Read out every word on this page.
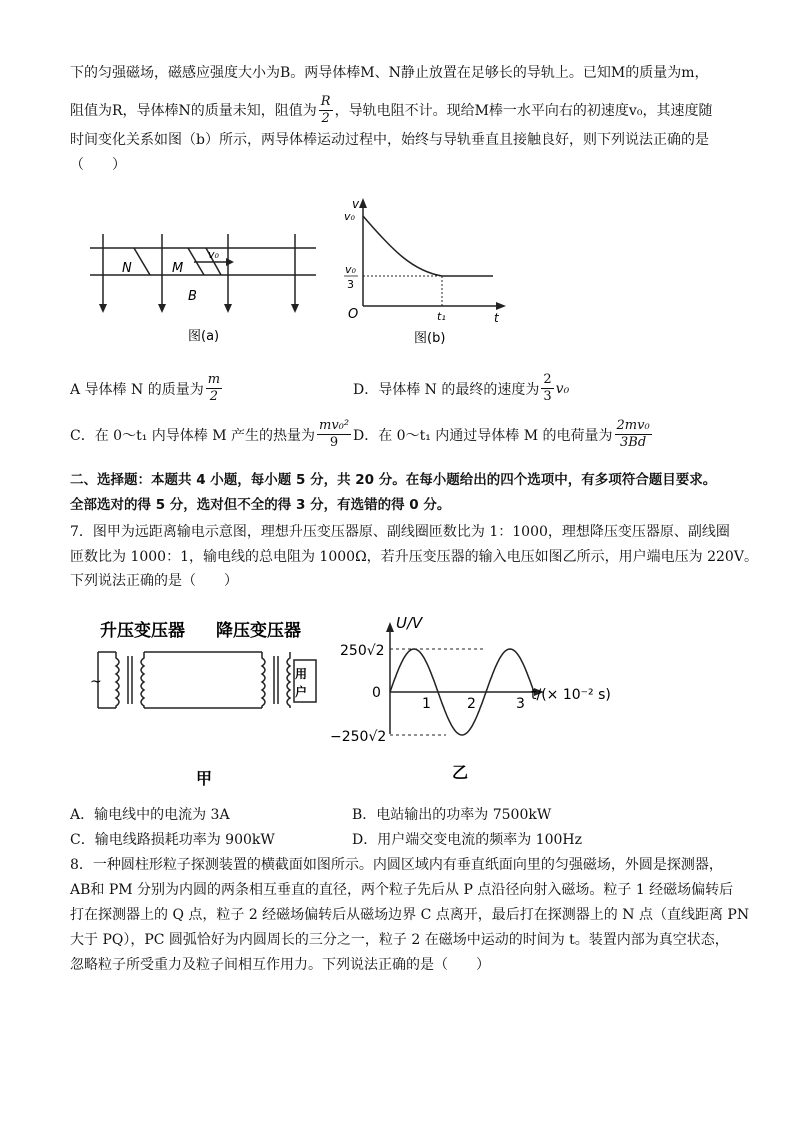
下的匀强磁场，磁感应强度大小为B。两导体棒M、N静止放置在足够长的导轨上。已知M的质量为m，
阻值为R，导体棒N的质量未知，阻值为 $\frac{R}{2}$ ，导轨电阻不计。现给M棒一水平向右的初速度v₀，其速度随
时间变化关系如图（b）所示，两导体棒运动过程中，始终与导轨垂直且接触良好，则下列说法正确的是
（　　）
N	M
v₀
B
图(a)
v
v₀
v₀
3
O	t₁	t
图(b)
A 导体棒 N 的质量为 $\frac{m}{2}$	D．导体棒 N 的最终的速度为 $\frac{2}{3} v_0$
C．在 0～t₁ 内导体棒 M 产生的热量为 $\frac{\text{mv₀²}}{9}$ D．在 0～t₁ 内通过导体棒 M 的电荷量为 $\frac{\text{2mv₀}}{3Bd}$
二、选择题：本题共 4 小题，每小题 5 分，共 20 分。在每小题给出的四个选项中，有多项符合题目要求。
全部选对的得 5 分，选对但不全的得 3 分，有选错的得 0 分。
7．图甲为远距离输电示意图，理想升压变压器原、副线圈匝数比为 1：1000，理想降压变压器原、副线圈
匝数比为 1000：1，输电线的总电阻为 1000Ω，若升压变压器的输入电压如图乙所示，用户端电压为 220V。
下列说法正确的是（　　）
升压变压器 降压变压器
~	用
户
甲
U/V
250√2
−250√2
0
1	2	3
t/(× 10⁻² s)
乙
A．输电线中的电流为 3A	B．电站输出的功率为 7500kW
C．输电线路损耗功率为 900kW	D．用户端交变电流的频率为 100Hz
8．一种圆柱形粒子探测装置的横截面如图所示。内圆区域内有垂直纸面向里的匀强磁场，外圆是探测器，
AB和 PM 分别为内圆的两条相互垂直的直径，两个粒子先后从 P 点沿径向射入磁场。粒子 1 经磁场偏转后
打在探测器上的 Q 点，粒子 2 经磁场偏转后从磁场边界 C 点离开，最后打在探测器上的 N 点（直线距离 PN
大于 PQ），PC 圆弧恰好为内圆周长的三分之一，粒子 2 在磁场中运动的时间为 t。装置内部为真空状态，
忽略粒子所受重力及粒子间相互作用力。下列说法正确的是（　　）
